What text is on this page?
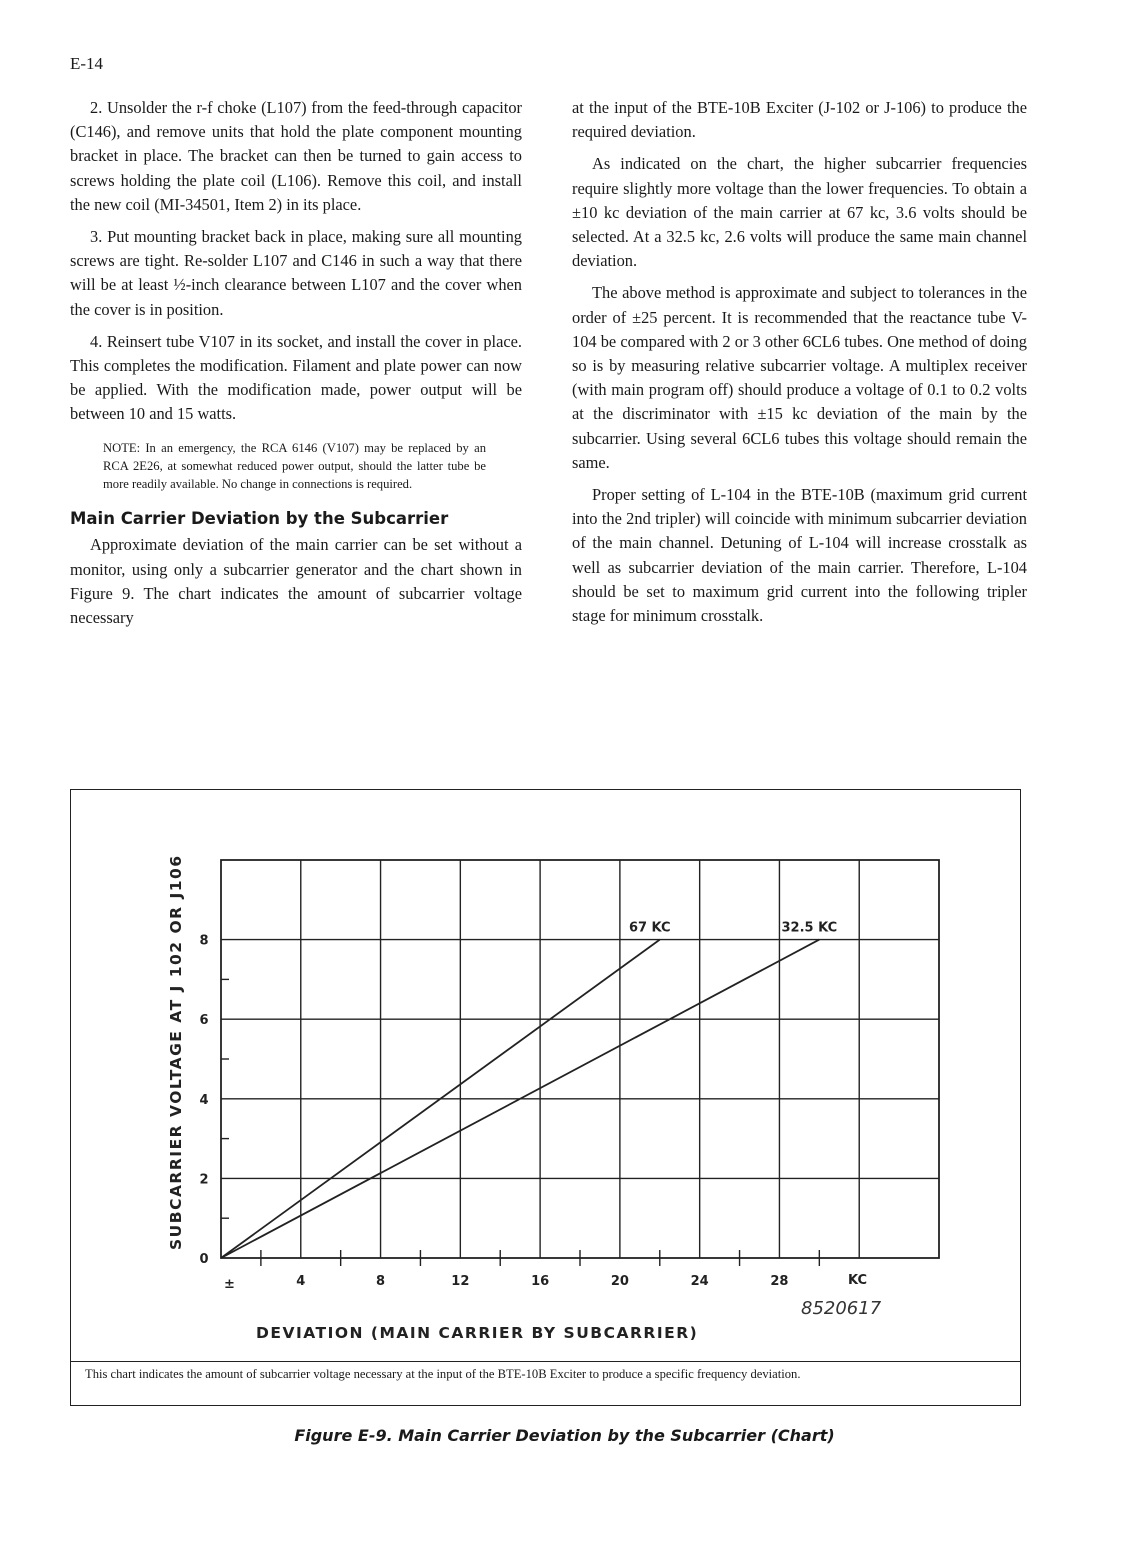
E-14

2. Unsolder the r-f choke (L107) from the feed-through capacitor (C146), and remove units that hold the plate component mounting bracket in place. The bracket can then be turned to gain access to screws holding the plate coil (L106). Remove this coil, and install the new coil (MI-34501, Item 2) in its place.

3. Put mounting bracket back in place, making sure all mounting screws are tight. Re-solder L107 and C146 in such a way that there will be at least ½-inch clearance between L107 and the cover when the cover is in position.

4. Reinsert tube V107 in its socket, and install the cover in place. This completes the modification. Filament and plate power can now be applied. With the modification made, power output will be between 10 and 15 watts.

NOTE: In an emergency, the RCA 6146 (V107) may be replaced by an RCA 2E26, at somewhat reduced power output, should the latter tube be more readily available. No change in connections is required.

Main Carrier Deviation by the Subcarrier

Approximate deviation of the main carrier can be set without a monitor, using only a subcarrier generator and the chart shown in Figure 9. The chart indicates the amount of subcarrier voltage necessary

at the input of the BTE-10B Exciter (J-102 or J-106) to produce the required deviation.

As indicated on the chart, the higher subcarrier frequencies require slightly more voltage than the lower frequencies. To obtain a ±10 kc deviation of the main carrier at 67 kc, 3.6 volts should be selected. At a 32.5 kc, 2.6 volts will produce the same main channel deviation.

The above method is approximate and subject to tolerances in the order of ±25 percent. It is recommended that the reactance tube V-104 be compared with 2 or 3 other 6CL6 tubes. One method of doing so is by measuring relative subcarrier voltage. A multiplex receiver (with main program off) should produce a voltage of 0.1 to 0.2 volts at the discriminator with ±15 kc deviation of the main by the subcarrier. Using several 6CL6 tubes this voltage should remain the same.

Proper setting of L-104 in the BTE-10B (maximum grid current into the 2nd tripler) will coincide with minimum subcarrier deviation of the main channel. Detuning of L-104 will increase crosstalk as well as subcarrier deviation of the main carrier. Therefore, L-104 should be set to maximum grid current into the following tripler stage for minimum crosstalk.

±	4	8	12	16	20	24	28
0
2
4
6
8
67 KC	32.5 KC
SUBCARRIER VOLTAGE AT J 102 OR J106
DEVIATION (MAIN CARRIER BY SUBCARRIER)
KC
8520617
This chart indicates the amount of subcarrier voltage necessary at the input of the BTE-10B Exciter to produce a specific frequency deviation.
Figure E-9. Main Carrier Deviation by the Subcarrier (Chart)
